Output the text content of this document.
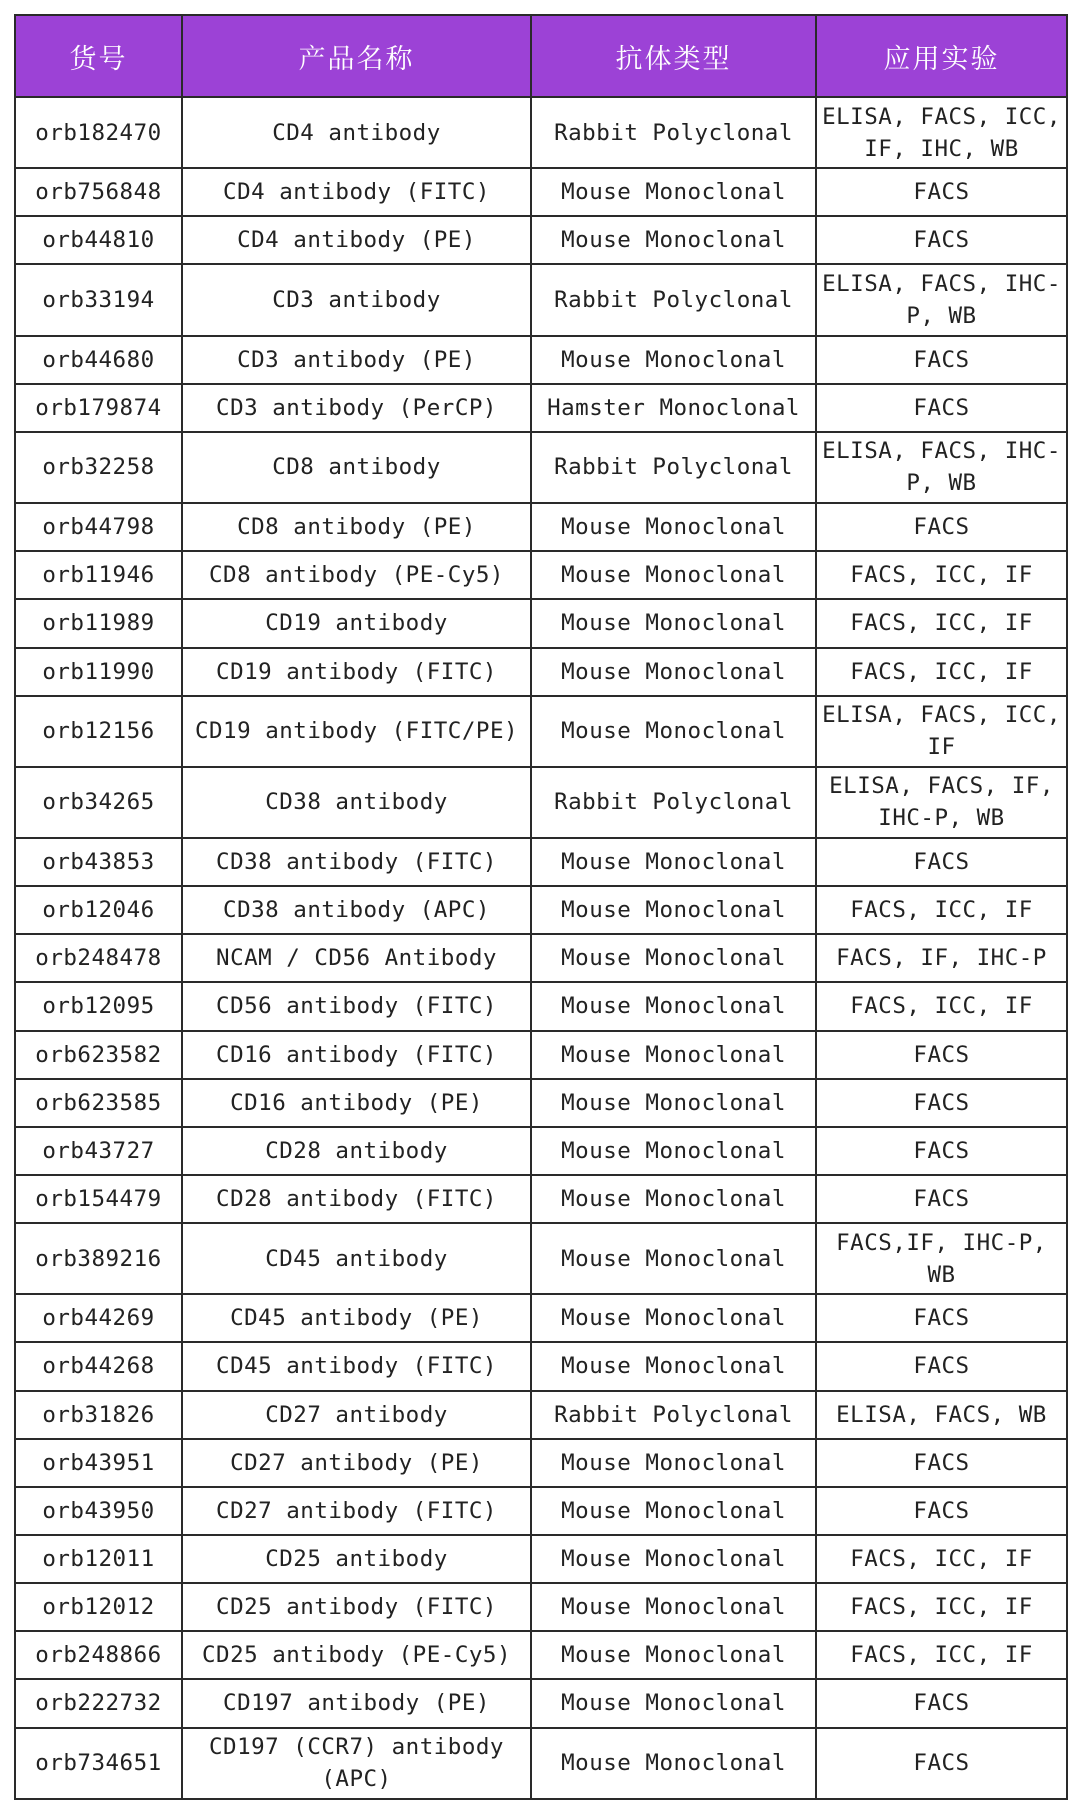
货号	产品名称	抗体类型	应用实验
orb182470	CD4 antibody	Rabbit Polyclonal	ELISA, FACS, ICC, IF, IHC, WB
orb756848	CD4 antibody (FITC)	Mouse Monoclonal	FACS
orb44810	CD4 antibody (PE)	Mouse Monoclonal	FACS
orb33194	CD3 antibody	Rabbit Polyclonal	ELISA, FACS, IHC-P, WB
orb44680	CD3 antibody (PE)	Mouse Monoclonal	FACS
orb179874	CD3 antibody (PerCP)	Hamster Monoclonal	FACS
orb32258	CD8 antibody	Rabbit Polyclonal	ELISA, FACS, IHC-P, WB
orb44798	CD8 antibody (PE)	Mouse Monoclonal	FACS
orb11946	CD8 antibody (PE-Cy5)	Mouse Monoclonal	FACS, ICC, IF
orb11989	CD19 antibody	Mouse Monoclonal	FACS, ICC, IF
orb11990	CD19 antibody (FITC)	Mouse Monoclonal	FACS, ICC, IF
orb12156	CD19 antibody (FITC/PE)	Mouse Monoclonal	ELISA, FACS, ICC, IF
orb34265	CD38 antibody	Rabbit Polyclonal	ELISA, FACS, IF, IHC-P, WB
orb43853	CD38 antibody (FITC)	Mouse Monoclonal	FACS
orb12046	CD38 antibody (APC)	Mouse Monoclonal	FACS, ICC, IF
orb248478	NCAM / CD56 Antibody	Mouse Monoclonal	FACS, IF, IHC-P
orb12095	CD56 antibody (FITC)	Mouse Monoclonal	FACS, ICC, IF
orb623582	CD16 antibody (FITC)	Mouse Monoclonal	FACS
orb623585	CD16 antibody (PE)	Mouse Monoclonal	FACS
orb43727	CD28 antibody	Mouse Monoclonal	FACS
orb154479	CD28 antibody (FITC)	Mouse Monoclonal	FACS
orb389216	CD45 antibody	Mouse Monoclonal	FACS,IF, IHC-P, WB
orb44269	CD45 antibody (PE)	Mouse Monoclonal	FACS
orb44268	CD45 antibody (FITC)	Mouse Monoclonal	FACS
orb31826	CD27 antibody	Rabbit Polyclonal	ELISA, FACS, WB
orb43951	CD27 antibody (PE)	Mouse Monoclonal	FACS
orb43950	CD27 antibody (FITC)	Mouse Monoclonal	FACS
orb12011	CD25 antibody	Mouse Monoclonal	FACS, ICC, IF
orb12012	CD25 antibody (FITC)	Mouse Monoclonal	FACS, ICC, IF
orb248866	CD25 antibody (PE-Cy5)	Mouse Monoclonal	FACS, ICC, IF
orb222732	CD197 antibody (PE)	Mouse Monoclonal	FACS
orb734651	CD197 (CCR7) antibody (APC)	Mouse Monoclonal	FACS
